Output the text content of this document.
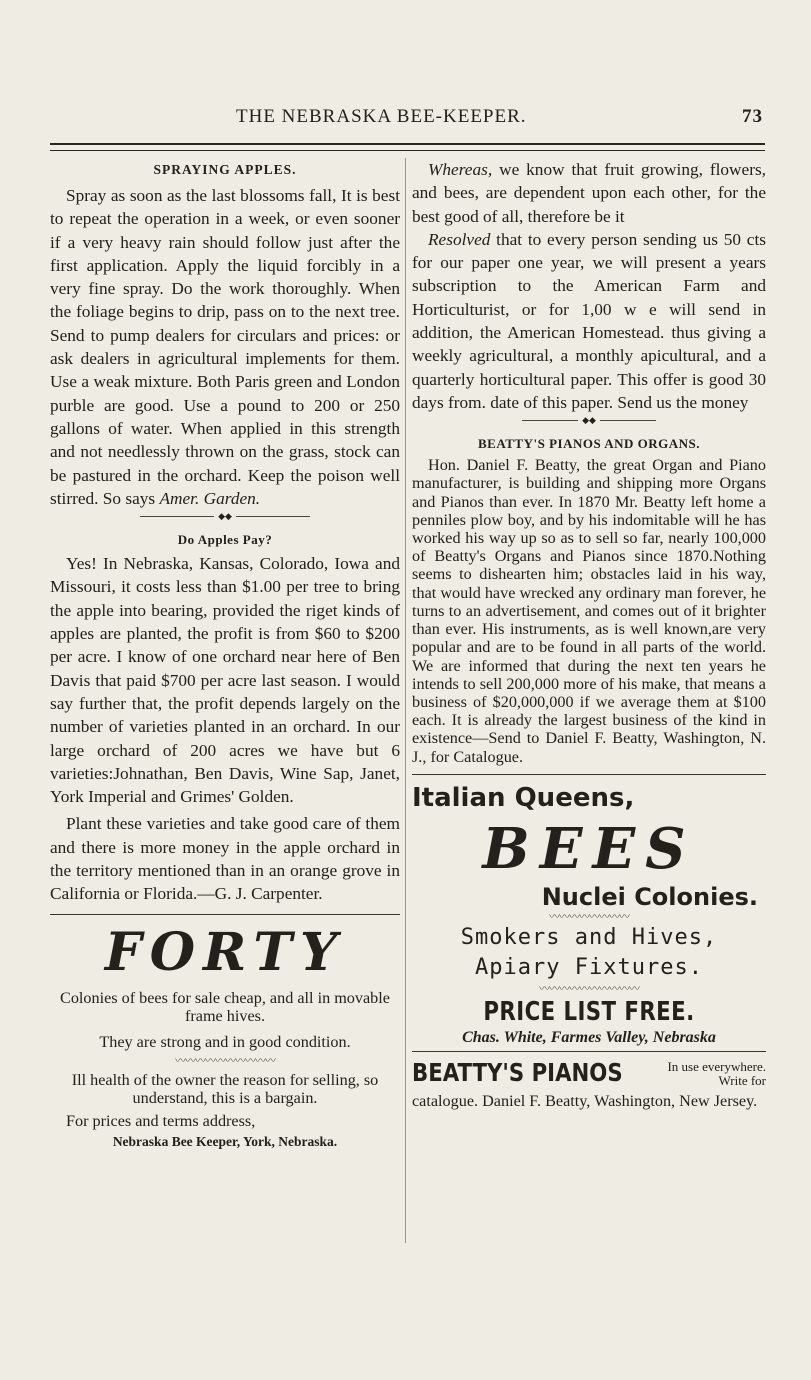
THE NEBRASKA BEE-KEEPER.	73
SPRAYING APPLES.

Spray as soon as the last blossoms fall, It is best to repeat the operation in a week, or even sooner if a very heavy rain should follow just after the first application. Apply the liquid forcibly in a very fine spray. Do the work thoroughly. When the foliage begins to drip, pass on to the next tree. Send to pump dealers for circulars and prices: or ask dealers in agricultural implements for them. Use a weak mixture. Both Paris green and London purble are good. Use a pound to 200 or 250 gallons of water. When applied in this strength and not needlessly thrown on the grass, stock can be pastured in the orchard. Keep the poison well stirred. So says Amer. Garden.

◆◆
Do Apples Pay?

Yes! In Nebraska, Kansas, Colorado, Iowa and Missouri, it costs less than $1.00 per tree to bring the apple into bearing, provided the riget kinds of apples are planted, the profit is from $60 to $200 per acre. I know of one orchard near here of Ben Davis that paid $700 per acre last season. I would say further that, the profit depends largely on the number of varieties planted in an orchard. In our large orchard of 200 acres we have but 6 varieties:Johnathan, Ben Davis, Wine Sap, Janet, York Imperial and Grimes' Golden.

Plant these varieties and take good care of them and there is more money in the apple orchard in the territory mentioned than in an orange grove in California or Florida.—G. J. Carpenter.

FORTY

Colonies of bees for sale cheap, and all in movable frame hives.

They are strong and in good condition.

〰〰〰〰〰〰〰〰〰〰

Ill health of the owner the reason for selling, so understand, this is a bargain.

For prices and terms address,

Nebraska Bee Keeper, York, Nebraska.

Whereas, we know that fruit growing, flowers, and bees, are dependent upon each other, for the best good of all, therefore be it

Resolved that to every person sending us 50 cts for our paper one year, we will present a years subscription to the American Farm and Horticulturist, or for 1,00 w e will send in addition, the American Homestead. thus giving a weekly agricultural, a monthly apicultural, and a quarterly horticultural paper. This offer is good 30 days from. date of this paper. Send us the money

◆◆
BEATTY'S PIANOS AND ORGANS.

Hon. Daniel F. Beatty, the great Organ and Piano manufacturer, is building and shipping more Organs and Pianos than ever. In 1870 Mr. Beatty left home a penniles plow boy, and by his indomitable will he has worked his way up so as to sell so far, nearly 100,000 of Beatty's Organs and Pianos since 1870.Nothing seems to dishearten him; obstacles laid in his way, that would have wrecked any ordinary man forever, he turns to an advertisement, and comes out of it brighter than ever. His instruments, as is well known,are very popular and are to be found in all parts of the world. We are informed that during the next ten years he intends to sell 200,000 more of his make, that means a business of $20,000,000 if we average them at $100 each. It is already the largest business of the kind in existence—Send to Daniel F. Beatty, Washington, N. J., for Catalogue.

Italian Queens,
BEES
Nuclei Colonies.
〰〰〰〰〰〰〰〰
Smokers and Hives,
Apiary Fixtures.
〰〰〰〰〰〰〰〰〰〰
PRICE LIST FREE.
Chas. White, Farmes Valley, Nebraska
BEATTY'S PIANOS	In use everywhere. Write for

catalogue. Daniel F. Beatty, Washington, New Jersey.
